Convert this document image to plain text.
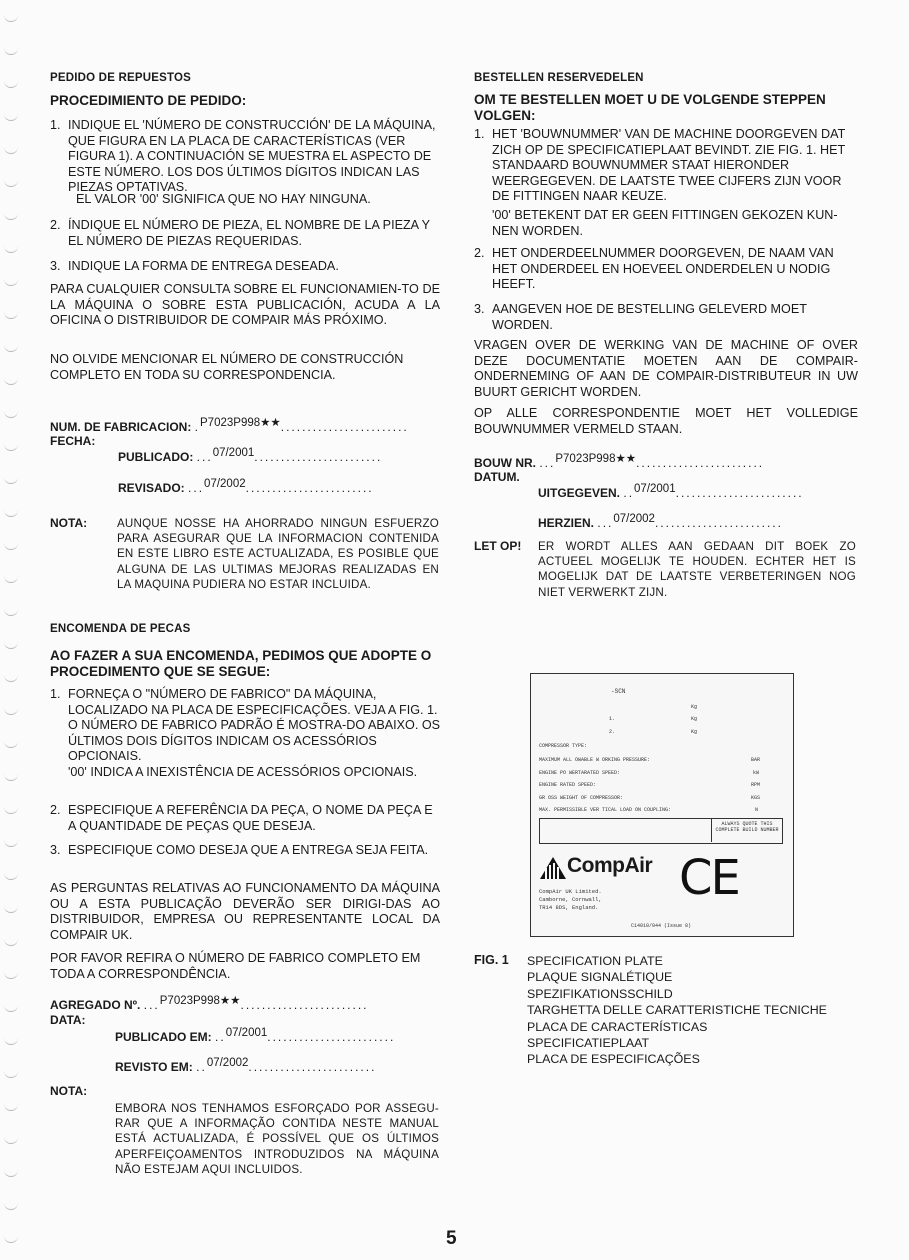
PEDIDO DE REPUESTOS
PROCEDIMIENTO DE PEDIDO:
1. INDIQUE EL 'NÚMERO DE CONSTRUCCIÓN' DE LA MÁQUINA, QUE FIGURA EN LA PLACA DE CARACTERÍSTICAS (VER FIGURA 1). A CONTINUACIÓN SE MUESTRA EL ASPECTO DE ESTE NÚMERO. LOS DOS ÚLTIMOS DÍGITOS INDICAN LAS PIEZAS OPTATIVAS.
EL VALOR '00' SIGNIFICA QUE NO HAY NINGUNA.
2. ÍNDIQUE EL NÚMERO DE PIEZA, EL NOMBRE DE LA PIEZA Y EL NÚMERO DE PIEZAS REQUERIDAS.
3. INDIQUE LA FORMA DE ENTREGA DESEADA.
PARA CUALQUIER CONSULTA SOBRE EL FUNCIONAMIEN-TO DE LA MÁQUINA O SOBRE ESTA PUBLICACIÓN, ACUDA A LA OFICINA O DISTRIBUIDOR DE COMPAIR MÁS PRÓXIMO.
NO OLVIDE MENCIONAR EL NÚMERO DE CONSTRUCCIÓN COMPLETO EN TODA SU CORRESPONDENCIA.
NUM. DE FABRICACION: .P7023P998★★........................
FECHA:
PUBLICADO: ...07/2001........................
REVISADO: ...07/2002........................
NOTA:	AUNQUE NOSSE HA AHORRADO NINGUN ESFUERZO PARA ASEGURAR QUE LA INFORMACION CONTENIDA EN ESTE LIBRO ESTE ACTUALIZADA, ES POSIBLE QUE ALGUNA DE LAS ULTIMAS MEJORAS REALIZADAS EN LA MAQUINA PUDIERA NO ESTAR INCLUIDA.
ENCOMENDA DE PECAS
AO FAZER A SUA ENCOMENDA, PEDIMOS QUE ADOPTE O PROCEDIMENTO QUE SE SEGUE:
1. FORNEÇA O "NÚMERO DE FABRICO" DA MÁQUINA, LOCALIZADO NA PLACA DE ESPECIFICAÇÕES. VEJA A FIG. 1. O NÚMERO DE FABRICO PADRÃO É MOSTRA-DO ABAIXO. OS ÚLTIMOS DOIS DÍGITOS INDICAM OS ACESSÓRIOS OPCIONAIS.
'00' INDICA A INEXISTÊNCIA DE ACESSÓRIOS OPCIONAIS.
2. ESPECIFIQUE A REFERÊNCIA DA PEÇA, O NOME DA PEÇA E A QUANTIDADE DE PEÇAS QUE DESEJA.
3. ESPECIFIQUE COMO DESEJA QUE A ENTREGA SEJA FEITA.
AS PERGUNTAS RELATIVAS AO FUNCIONAMENTO DA MÁQUINA OU A ESTA PUBLICAÇÃO DEVERÃO SER DIRIGI-DAS AO DISTRIBUIDOR, EMPRESA OU REPRESENTANTE LOCAL DA COMPAIR UK.
POR FAVOR REFIRA O NÚMERO DE FABRICO COMPLETO EM TODA A CORRESPONDÊNCIA.
AGREGADO Nº. ...P7023P998★★........................
DATA:
PUBLICADO EM: ..07/2001........................
REVISTO EM: ..07/2002........................
NOTA:
EMBORA NOS TENHAMOS ESFORÇADO POR ASSEGU-RAR QUE A INFORMAÇÃO CONTIDA NESTE MANUAL ESTÁ ACTUALIZADA, É POSSÍVEL QUE OS ÚLTIMOS APERFEIÇOAMENTOS INTRODUZIDOS NA MÁQUINA NÃO ESTEJAM AQUI INCLUIDOS.
BESTELLEN RESERVEDELEN
OM TE BESTELLEN MOET U DE VOLGENDE STEPPEN VOLGEN:
1. HET 'BOUWNUMMER' VAN DE MACHINE DOORGEVEN DAT ZICH OP DE SPECIFICATIEPLAAT BEVINDT. ZIE FIG. 1. HET STANDAARD BOUWNUMMER STAAT HIERONDER WEERGEGEVEN. DE LAATSTE TWEE CIJFERS ZIJN VOOR DE FITTINGEN NAAR KEUZE.
'00' BETEKENT DAT ER GEEN FITTINGEN GEKOZEN KUN-NEN WORDEN.
2. HET ONDERDEELNUMMER DOORGEVEN, DE NAAM VAN HET ONDERDEEL EN HOEVEEL ONDERDELEN U NODIG HEEFT.
3. AANGEVEN HOE DE BESTELLING GELEVERD MOET WORDEN.
VRAGEN OVER DE WERKING VAN DE MACHINE OF OVER DEZE DOCUMENTATIE MOETEN AAN DE COMPAIR-ONDERNEMING OF AAN DE COMPAIR-DISTRIBUTEUR IN UW BUURT GERICHT WORDEN.
OP ALLE CORRESPONDENTIE MOET HET VOLLEDIGE BOUWNUMMER VERMELD STAAN.
BOUW NR. ...P7023P998★★........................
DATUM.
UITGEGEVEN. ..07/2001........................
HERZIEN. ...07/2002........................
LET OP! ER WORDT ALLES AAN GEDAAN DIT BOEK ZO ACTUEEL MOGELIJK TE HOUDEN. ECHTER HET IS MOGELIJK DAT DE LAATSTE VERBETERINGEN NOG NIET VERWERKT ZIJN.
-SCN
Kg
1.	Kg
2.	Kg
COMPRESSOR TYPE:
MAXIMUM ALL OWABLE W ORKING PRESSURE:	BAR
ENGINE PO WERTARATED SPEED:	kW
ENGINE RATED SPEED:	RPM
GR OSS WEIGHT OF COMPRESSOR:	KGS
MAX. PERMISSIBLE VER TICAL LOAD ON COUPLING:	N
ALWAYS QUOTE THIS COMPLETE BUILD NUMBER
CompAir
CompAir UK Limited.
Camborne, Cornwall,
TR14 8DS, England.
CE
C14010/044 (Issue 8)
FIG. 1 SPECIFICATION PLATE
PLAQUE SIGNALÉTIQUE
SPEZIFIKATIONSSCHILD
TARGHETTA DELLE CARATTERISTICHE TECNICHE
PLACA DE CARACTERÍSTICAS
SPECIFICATIEPLAAT
PLACA DE ESPECIFICAÇÕES
5
